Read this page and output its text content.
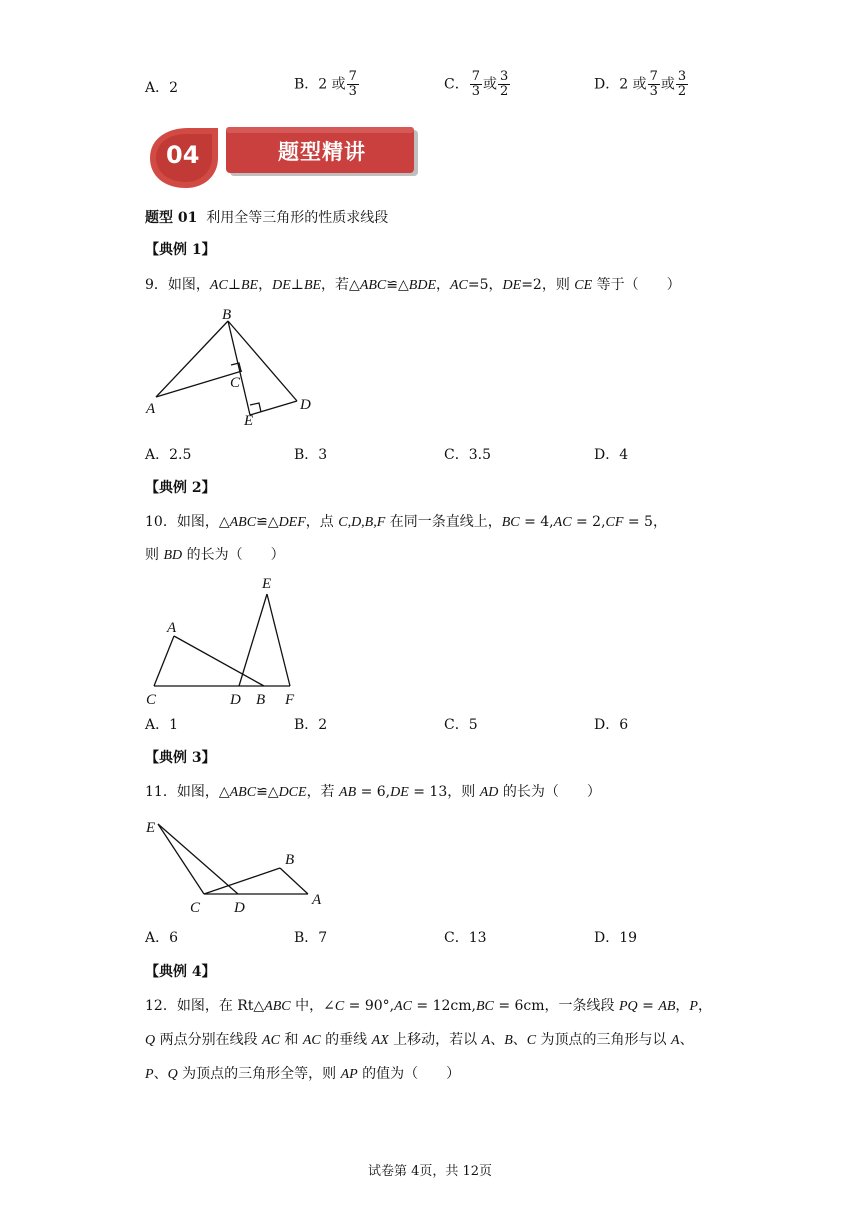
A．2	B．2 或 $\frac{7}{3}$	C． $\frac{7}{3}$ 或 $\frac{3}{2}$	D．2 或 $\frac{7}{3}$ 或 $\frac{3}{2}$
04	题型精讲
题型 01 利用全等三角形的性质求线段
【典例 1】
9．如图，AC⊥BE，DE⊥BE，若△ABC≌△BDE，AC=5，DE=2，则 CE 等于（　　）
B
A
C
E
D
A．2.5	B．3	C．3.5	D．4
【典例 2】
10．如图，△ABC≌△DEF，点 C,D,B,F 在同一条直线上，BC = 4,AC = 2,CF = 5，
则 BD 的长为（　　）
E
A
C	D B F
A．1	B．2	C．5	D．6
【典例 3】
11．如图，△ABC≌△DCE，若 AB = 6,DE = 13，则 AD 的长为（　　）
E
B
C D	A
A．6	B．7	C．13	D．19
【典例 4】
12．如图，在 Rt△ABC 中，∠C = 90°,AC = 12cm,BC = 6cm，一条线段 PQ = AB，P，
Q 两点分别在线段 AC 和 AC 的垂线 AX 上移动，若以 A、B、C 为顶点的三角形与以 A、
P、Q 为顶点的三角形全等，则 AP 的值为（　　）
试卷第 4页，共 12页
